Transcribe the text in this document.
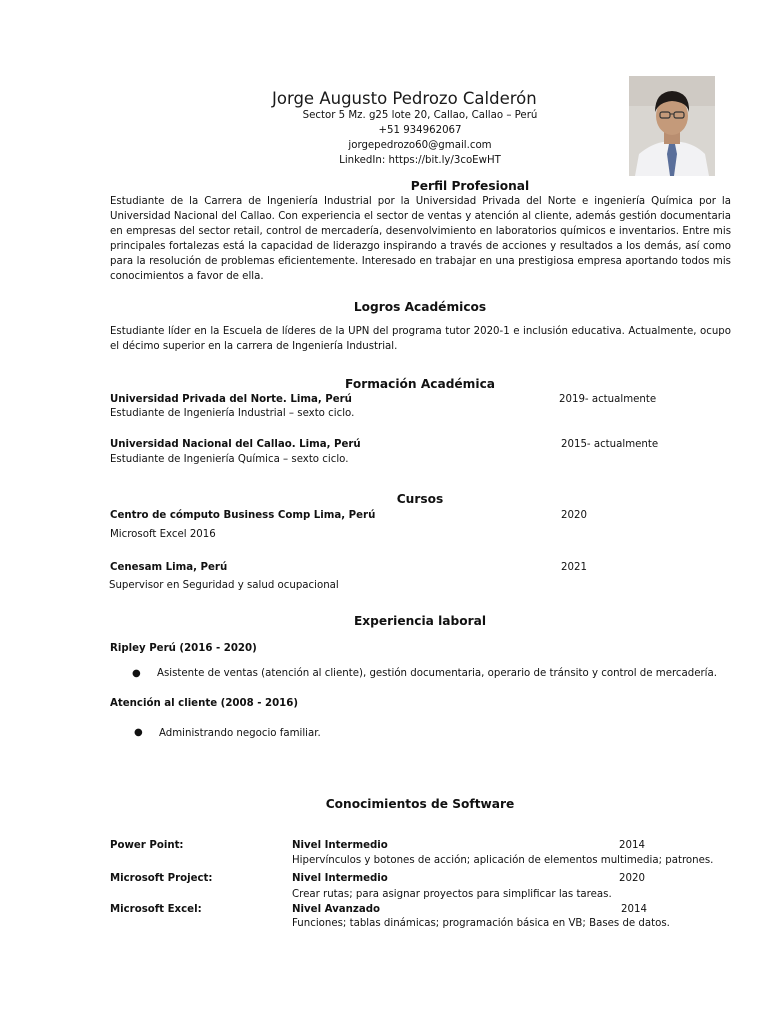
Jorge Augusto Pedrozo Calderón
Sector 5 Mz. g25 lote 20, Callao, Callao – Perú
+51 934962067
jorgepedrozo60@gmail.com
LinkedIn: https://bit.ly/3coEwHT
Perfil Profesional
Estudiante de la Carrera de Ingeniería Industrial por la Universidad Privada del Norte e ingeniería Química por la Universidad Nacional del Callao. Con experiencia el sector de ventas y atención al cliente, además gestión documentaria en empresas del sector retail, control de mercadería, desenvolvimiento en laboratorios químicos e inventarios. Entre mis principales fortalezas está la capacidad de liderazgo inspirando a través de acciones y resultados a los demás, así como para la resolución de problemas eficientemente. Interesado en trabajar en una prestigiosa empresa aportando todos mis conocimientos a favor de ella.
Logros Académicos
Estudiante líder en la Escuela de líderes de la UPN del programa tutor 2020-1 e inclusión educativa. Actualmente, ocupo el décimo superior en la carrera de Ingeniería Industrial.
Formación Académica
Universidad Privada del Norte. Lima, Perú	2019- actualmente
Estudiante de Ingeniería Industrial – sexto ciclo.
Universidad Nacional del Callao. Lima, Perú	2015- actualmente
Estudiante de Ingeniería Química – sexto ciclo.
Cursos
Centro de cómputo Business Comp Lima, Perú	2020
Microsoft Excel 2016
Cenesam Lima, Perú	2021
Supervisor en Seguridad y salud ocupacional
Experiencia laboral
Ripley Perú (2016 - 2020)
● Asistente de ventas (atención al cliente), gestión documentaria, operario de tránsito y control de mercadería.
Atención al cliente (2008 - 2016)
● Administrando negocio familiar.
Conocimientos de Software
Power Point:	Nivel Intermedio	2014
Hipervínculos y botones de acción; aplicación de elementos multimedia; patrones.
Microsoft Project:	Nivel Intermedio	2020
Crear rutas; para asignar proyectos para simplificar las tareas.
Microsoft Excel:	Nivel Avanzado	2014
Funciones; tablas dinámicas; programación básica en VB; Bases de datos.
